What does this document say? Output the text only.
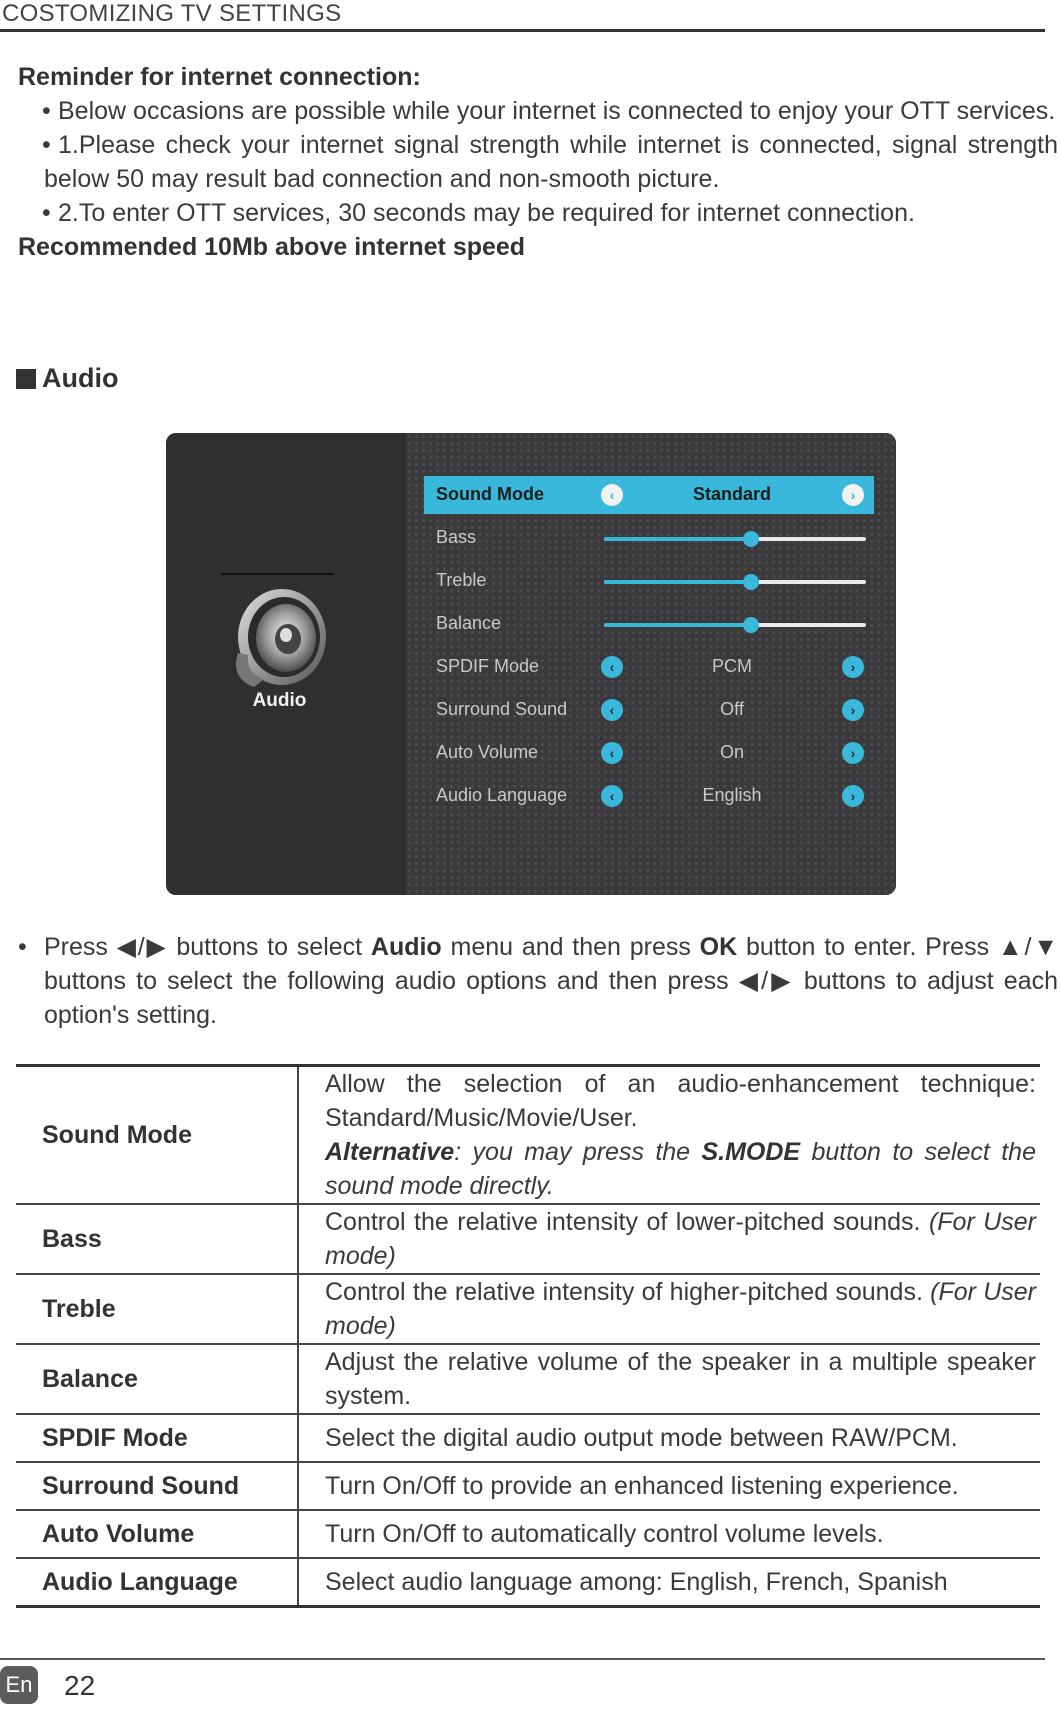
COSTOMIZING TV SETTINGS
Reminder for internet connection:
• Below occasions are possible while your internet is connected to enjoy your OTT services.
• 1.Please check your internet signal strength while internet is connected, signal strength below 50 may result bad connection and non-smooth picture.
• 2.To enter OTT services, 30 seconds may be required for internet connection.
Recommended 10Mb above internet speed
Audio
Audio
Sound Mode	‹	Standard	›
Bass
Treble
Balance
SPDIF Mode	‹	PCM	›
Surround Sound	‹	Off	›
Auto Volume	‹	On	›
Audio Language	‹	English	›
• Press ◀/▶ buttons to select Audio menu and then press OK button to enter. Press ▲/▼ buttons to select the following audio options and then press ◀/▶ buttons to adjust each option's setting.
Sound Mode	Allow the selection of an audio-enhancement technique: Standard/Music/Movie/User.
Alternative: you may press the S.MODE button to select the sound mode directly.
Bass	Control the relative intensity of lower-pitched sounds. (For User mode)
Treble	Control the relative intensity of higher-pitched sounds. (For User mode)
Balance	Adjust the relative volume of the speaker in a multiple speaker system.
SPDIF Mode	Select the digital audio output mode between RAW/PCM.
Surround Sound	Turn On/Off to provide an enhanced listening experience.
Auto Volume	Turn On/Off to automatically control volume levels.
Audio Language	Select audio language among: English, French, Spanish
En 22
